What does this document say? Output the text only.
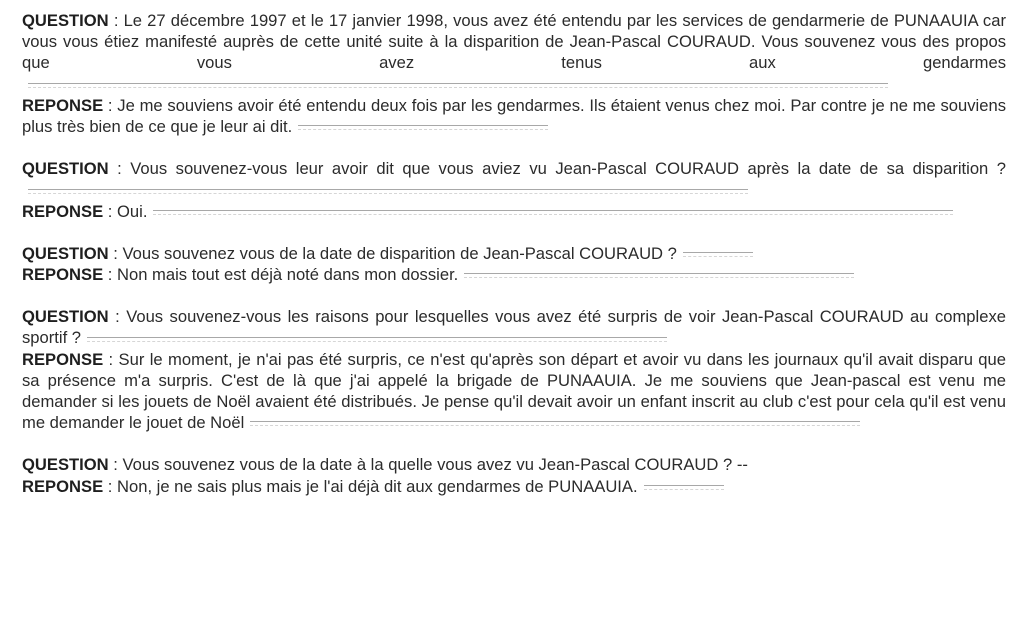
QUESTION : Le 27 décembre 1997 et le 17 janvier 1998, vous avez été entendu par les services de gendarmerie de PUNAAUIA car vous vous étiez manifesté auprès de cette unité suite à la disparition de Jean-Pascal COURAUD. Vous souvenez vous des propos que vous avez tenus aux gendarmes

REPONSE : Je me souviens avoir été entendu deux fois par les gendarmes. Ils étaient venus chez moi. Par contre je ne me souviens plus très bien de ce que je leur ai dit.

QUESTION : Vous souvenez-vous leur avoir dit que vous aviez vu Jean-Pascal COURAUD après la date de sa disparition ?

REPONSE : Oui.

QUESTION : Vous souvenez vous de la date de disparition de Jean-Pascal COURAUD ?

REPONSE : Non mais tout est déjà noté dans mon dossier.

QUESTION : Vous souvenez-vous les raisons pour lesquelles vous avez été surpris de voir Jean-Pascal COURAUD au complexe sportif ?

REPONSE : Sur le moment, je n'ai pas été surpris, ce n'est qu'après son départ et avoir vu dans les journaux qu'il avait disparu que sa présence m'a surpris. C'est de là que j'ai appelé la brigade de PUNAAUIA. Je me souviens que Jean-pascal est venu me demander si les jouets de Noël avaient été distribués. Je pense qu'il devait avoir un enfant inscrit au club c'est pour cela qu'il est venu me demander le jouet de Noël

QUESTION : Vous souvenez vous de la date à la quelle vous avez vu Jean-Pascal COURAUD ? --

REPONSE : Non, je ne sais plus mais je l'ai déjà dit aux gendarmes de PUNAAUIA.
